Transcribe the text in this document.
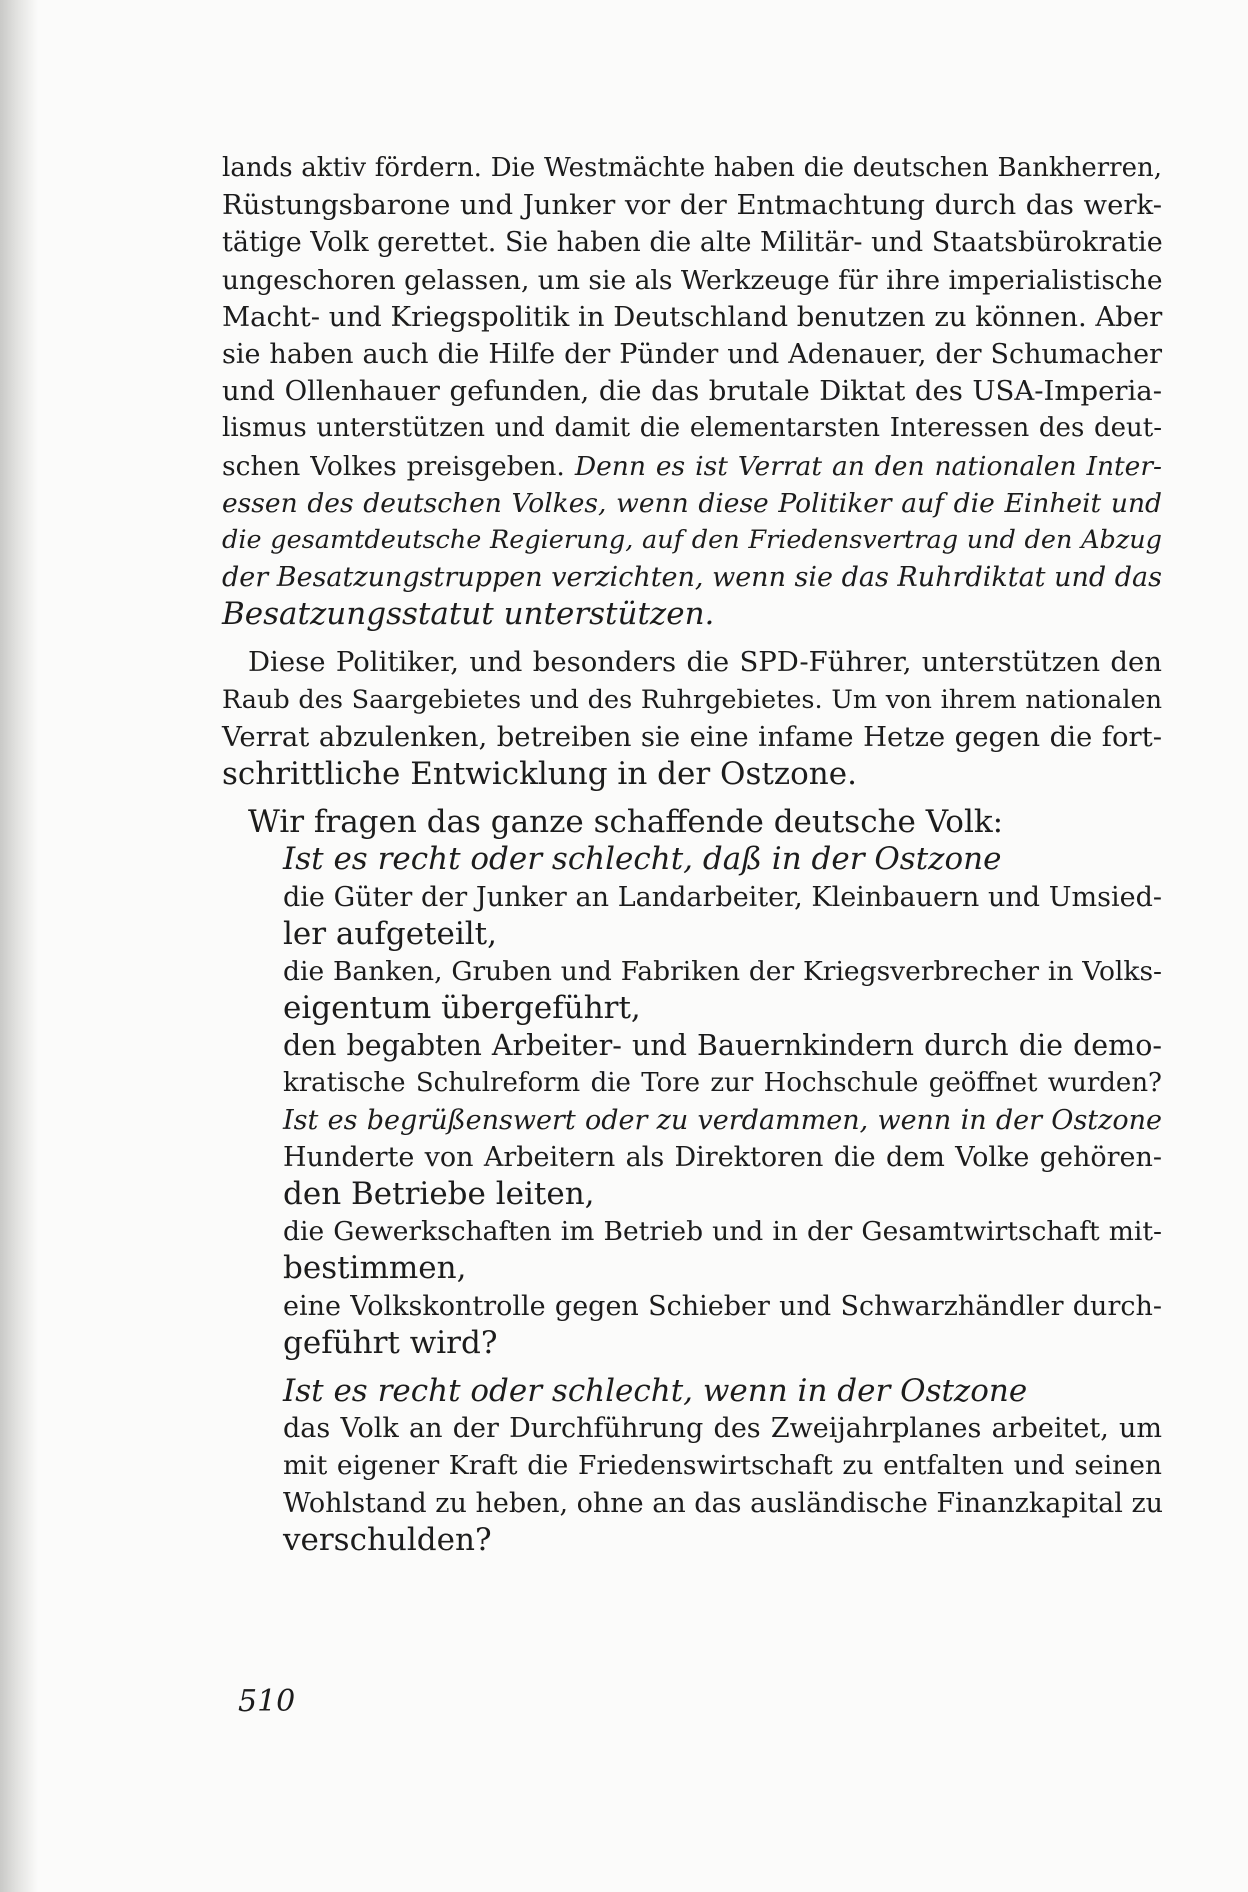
lands aktiv fördern. Die Westmächte haben die deutschen Bankherren,
Rüstungsbarone und Junker vor der Entmachtung durch das werk-
tätige Volk gerettet. Sie haben die alte Militär- und Staatsbürokratie
ungeschoren gelassen, um sie als Werkzeuge für ihre imperialistische
Macht- und Kriegspolitik in Deutschland benutzen zu können. Aber
sie haben auch die Hilfe der Pünder und Adenauer, der Schumacher
und Ollenhauer gefunden, die das brutale Diktat des USA-Imperia-
lismus unterstützen und damit die elementarsten Interessen des deut-
schen Volkes preisgeben. Denn es ist Verrat an den nationalen Inter-
essen des deutschen Volkes, wenn diese Politiker auf die Einheit und
die gesamtdeutsche Regierung, auf den Friedensvertrag und den Abzug
der Besatzungstruppen verzichten, wenn sie das Ruhrdiktat und das
Besatzungsstatut unterstützen.
Diese Politiker, und besonders die SPD-Führer, unterstützen den
Raub des Saargebietes und des Ruhrgebietes. Um von ihrem nationalen
Verrat abzulenken, betreiben sie eine infame Hetze gegen die fort-
schrittliche Entwicklung in der Ostzone.
Wir fragen das ganze schaffende deutsche Volk:
Ist es recht oder schlecht, daß in der Ostzone
die Güter der Junker an Landarbeiter, Kleinbauern und Umsied-
ler aufgeteilt,
die Banken, Gruben und Fabriken der Kriegsverbrecher in Volks-
eigentum übergeführt,
den begabten Arbeiter- und Bauernkindern durch die demo-
kratische Schulreform die Tore zur Hochschule geöffnet wurden?
Ist es begrüßenswert oder zu verdammen, wenn in der Ostzone
Hunderte von Arbeitern als Direktoren die dem Volke gehören-
den Betriebe leiten,
die Gewerkschaften im Betrieb und in der Gesamtwirtschaft mit-
bestimmen,
eine Volkskontrolle gegen Schieber und Schwarzhändler durch-
geführt wird?
Ist es recht oder schlecht, wenn in der Ostzone
das Volk an der Durchführung des Zweijahrplanes arbeitet, um
mit eigener Kraft die Friedenswirtschaft zu entfalten und seinen
Wohlstand zu heben, ohne an das ausländische Finanzkapital zu
verschulden?
510
